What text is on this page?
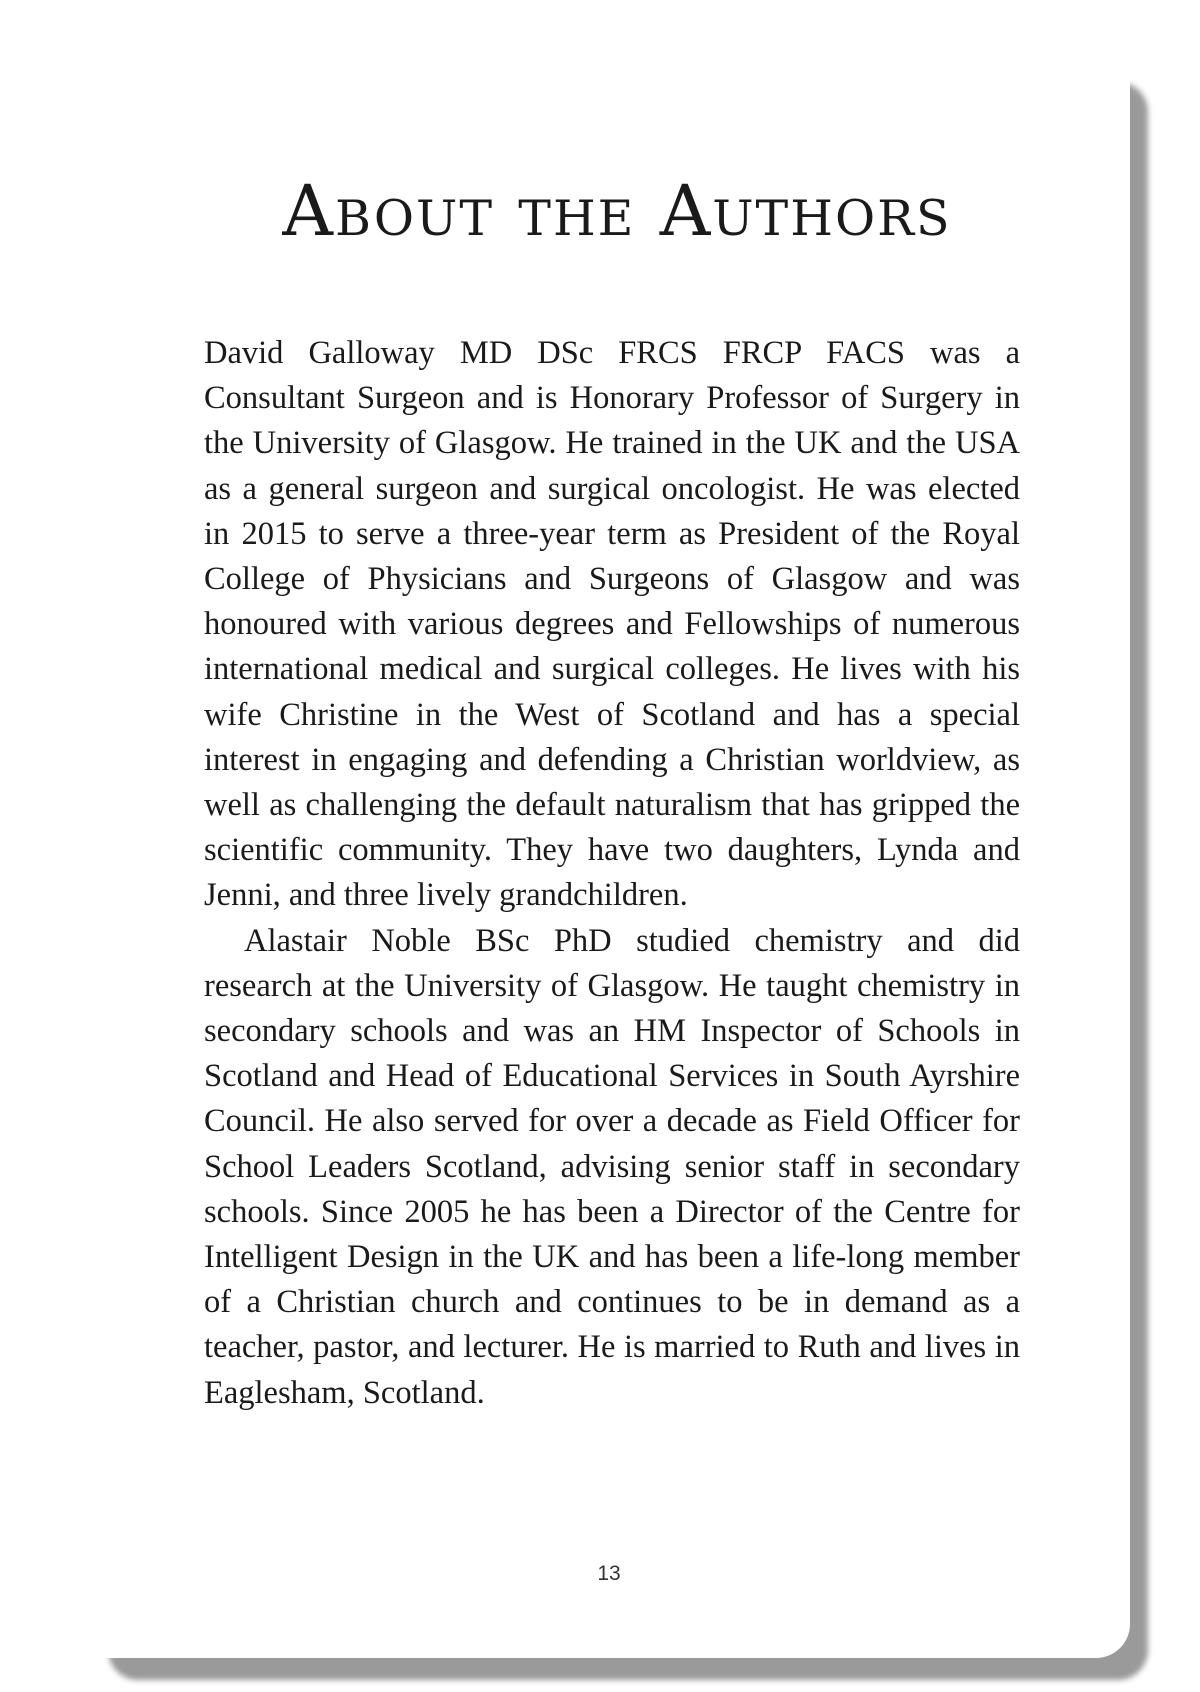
About the Authors

David Galloway MD DSc FRCS FRCP FACS was a Consultant Surgeon and is Honorary Professor of Surgery in the University of Glasgow. He trained in the UK and the USA as a general surgeon and surgical oncologist. He was elected in 2015 to serve a three-year term as President of the Royal College of Physicians and Surgeons of Glasgow and was honoured with various degrees and Fellowships of numerous international medical and surgical colleges. He lives with his wife Christine in the West of Scotland and has a special interest in engaging and defending a Christian worldview, as well as challenging the default naturalism that has gripped the scientific community. They have two daughters, Lynda and Jenni, and three lively grandchildren.

Alastair Noble BSc PhD studied chemistry and did research at the University of Glasgow. He taught chemistry in secondary schools and was an HM Inspector of Schools in Scotland and Head of Educational Services in South Ayrshire Council. He also served for over a decade as Field Officer for School Leaders Scotland, advising senior staff in secondary schools. Since 2005 he has been a Director of the Centre for Intelligent Design in the UK and has been a life-long member of a Christian church and continues to be in demand as a teacher, pastor, and lecturer. He is married to Ruth and lives in Eaglesham, Scotland.

13
